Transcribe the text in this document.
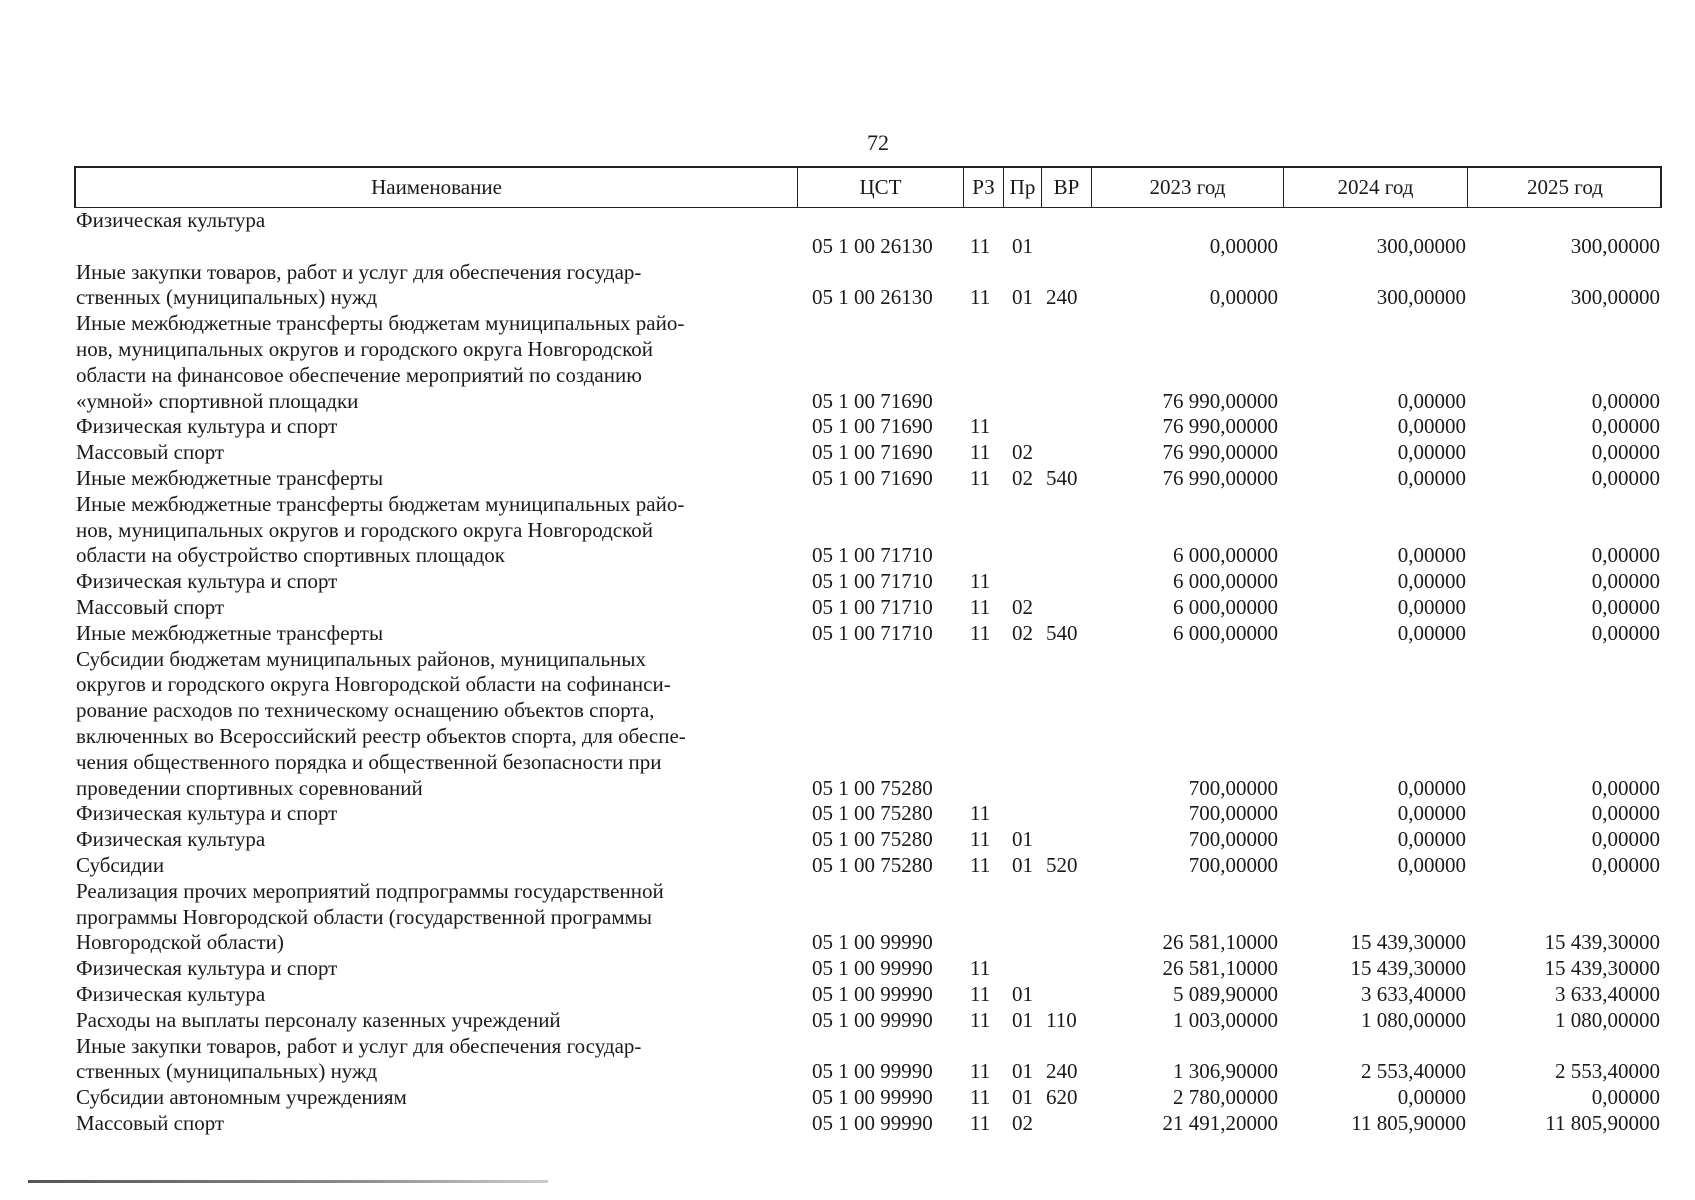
72
Наименование	ЦСТ	РЗ Пр ВР	2023 год	2024 год	2025 год
Физическая культура
05 1 00 26130 11 01	0,00000	300,00000	300,00000
Иные закупки товаров, работ и услуг для обеспечения государ-
ственных (муниципальных) нужд	05 1 00 26130 11 01 240	0,00000	300,00000	300,00000
Иные межбюджетные трансферты бюджетам муниципальных райо-
нов, муниципальных округов и городского округа Новгородской
области на финансовое обеспечение мероприятий по созданию
«умной» спортивной площадки	05 1 00 71690	76 990,00000	0,00000	0,00000
Физическая культура и спорт	05 1 00 71690 11	76 990,00000	0,00000	0,00000
Массовый спорт	05 1 00 71690 11 02	76 990,00000	0,00000	0,00000
Иные межбюджетные трансферты	05 1 00 71690 11 02 540	76 990,00000	0,00000	0,00000
Иные межбюджетные трансферты бюджетам муниципальных райо-
нов, муниципальных округов и городского округа Новгородской
области на обустройство спортивных площадок	05 1 00 71710	6 000,00000	0,00000	0,00000
Физическая культура и спорт	05 1 00 71710 11	6 000,00000	0,00000	0,00000
Массовый спорт	05 1 00 71710 11 02	6 000,00000	0,00000	0,00000
Иные межбюджетные трансферты	05 1 00 71710 11 02 540	6 000,00000	0,00000	0,00000
Субсидии бюджетам муниципальных районов, муниципальных
округов и городского округа Новгородской области на софинанси-
рование расходов по техническому оснащению объектов спорта,
включенных во Всероссийский реестр объектов спорта, для обеспе-
чения общественного порядка и общественной безопасности при
проведении спортивных соревнований	05 1 00 75280	700,00000	0,00000	0,00000
Физическая культура и спорт	05 1 00 75280 11	700,00000	0,00000	0,00000
Физическая культура	05 1 00 75280 11 01	700,00000	0,00000	0,00000
Субсидии	05 1 00 75280 11 01 520	700,00000	0,00000	0,00000
Реализация прочих мероприятий подпрограммы государственной
программы Новгородской области (государственной программы
Новгородской области)	05 1 00 99990	26 581,10000	15 439,30000	15 439,30000
Физическая культура и спорт	05 1 00 99990 11	26 581,10000	15 439,30000	15 439,30000
Физическая культура	05 1 00 99990 11 01	5 089,90000	3 633,40000	3 633,40000
Расходы на выплаты персоналу казенных учреждений	05 1 00 99990 11 01 110	1 003,00000	1 080,00000	1 080,00000
Иные закупки товаров, работ и услуг для обеспечения государ-
ственных (муниципальных) нужд	05 1 00 99990 11 01 240	1 306,90000	2 553,40000	2 553,40000
Субсидии автономным учреждениям	05 1 00 99990 11 01 620	2 780,00000	0,00000	0,00000
Массовый спорт	05 1 00 99990 11 02	21 491,20000	11 805,90000	11 805,90000
